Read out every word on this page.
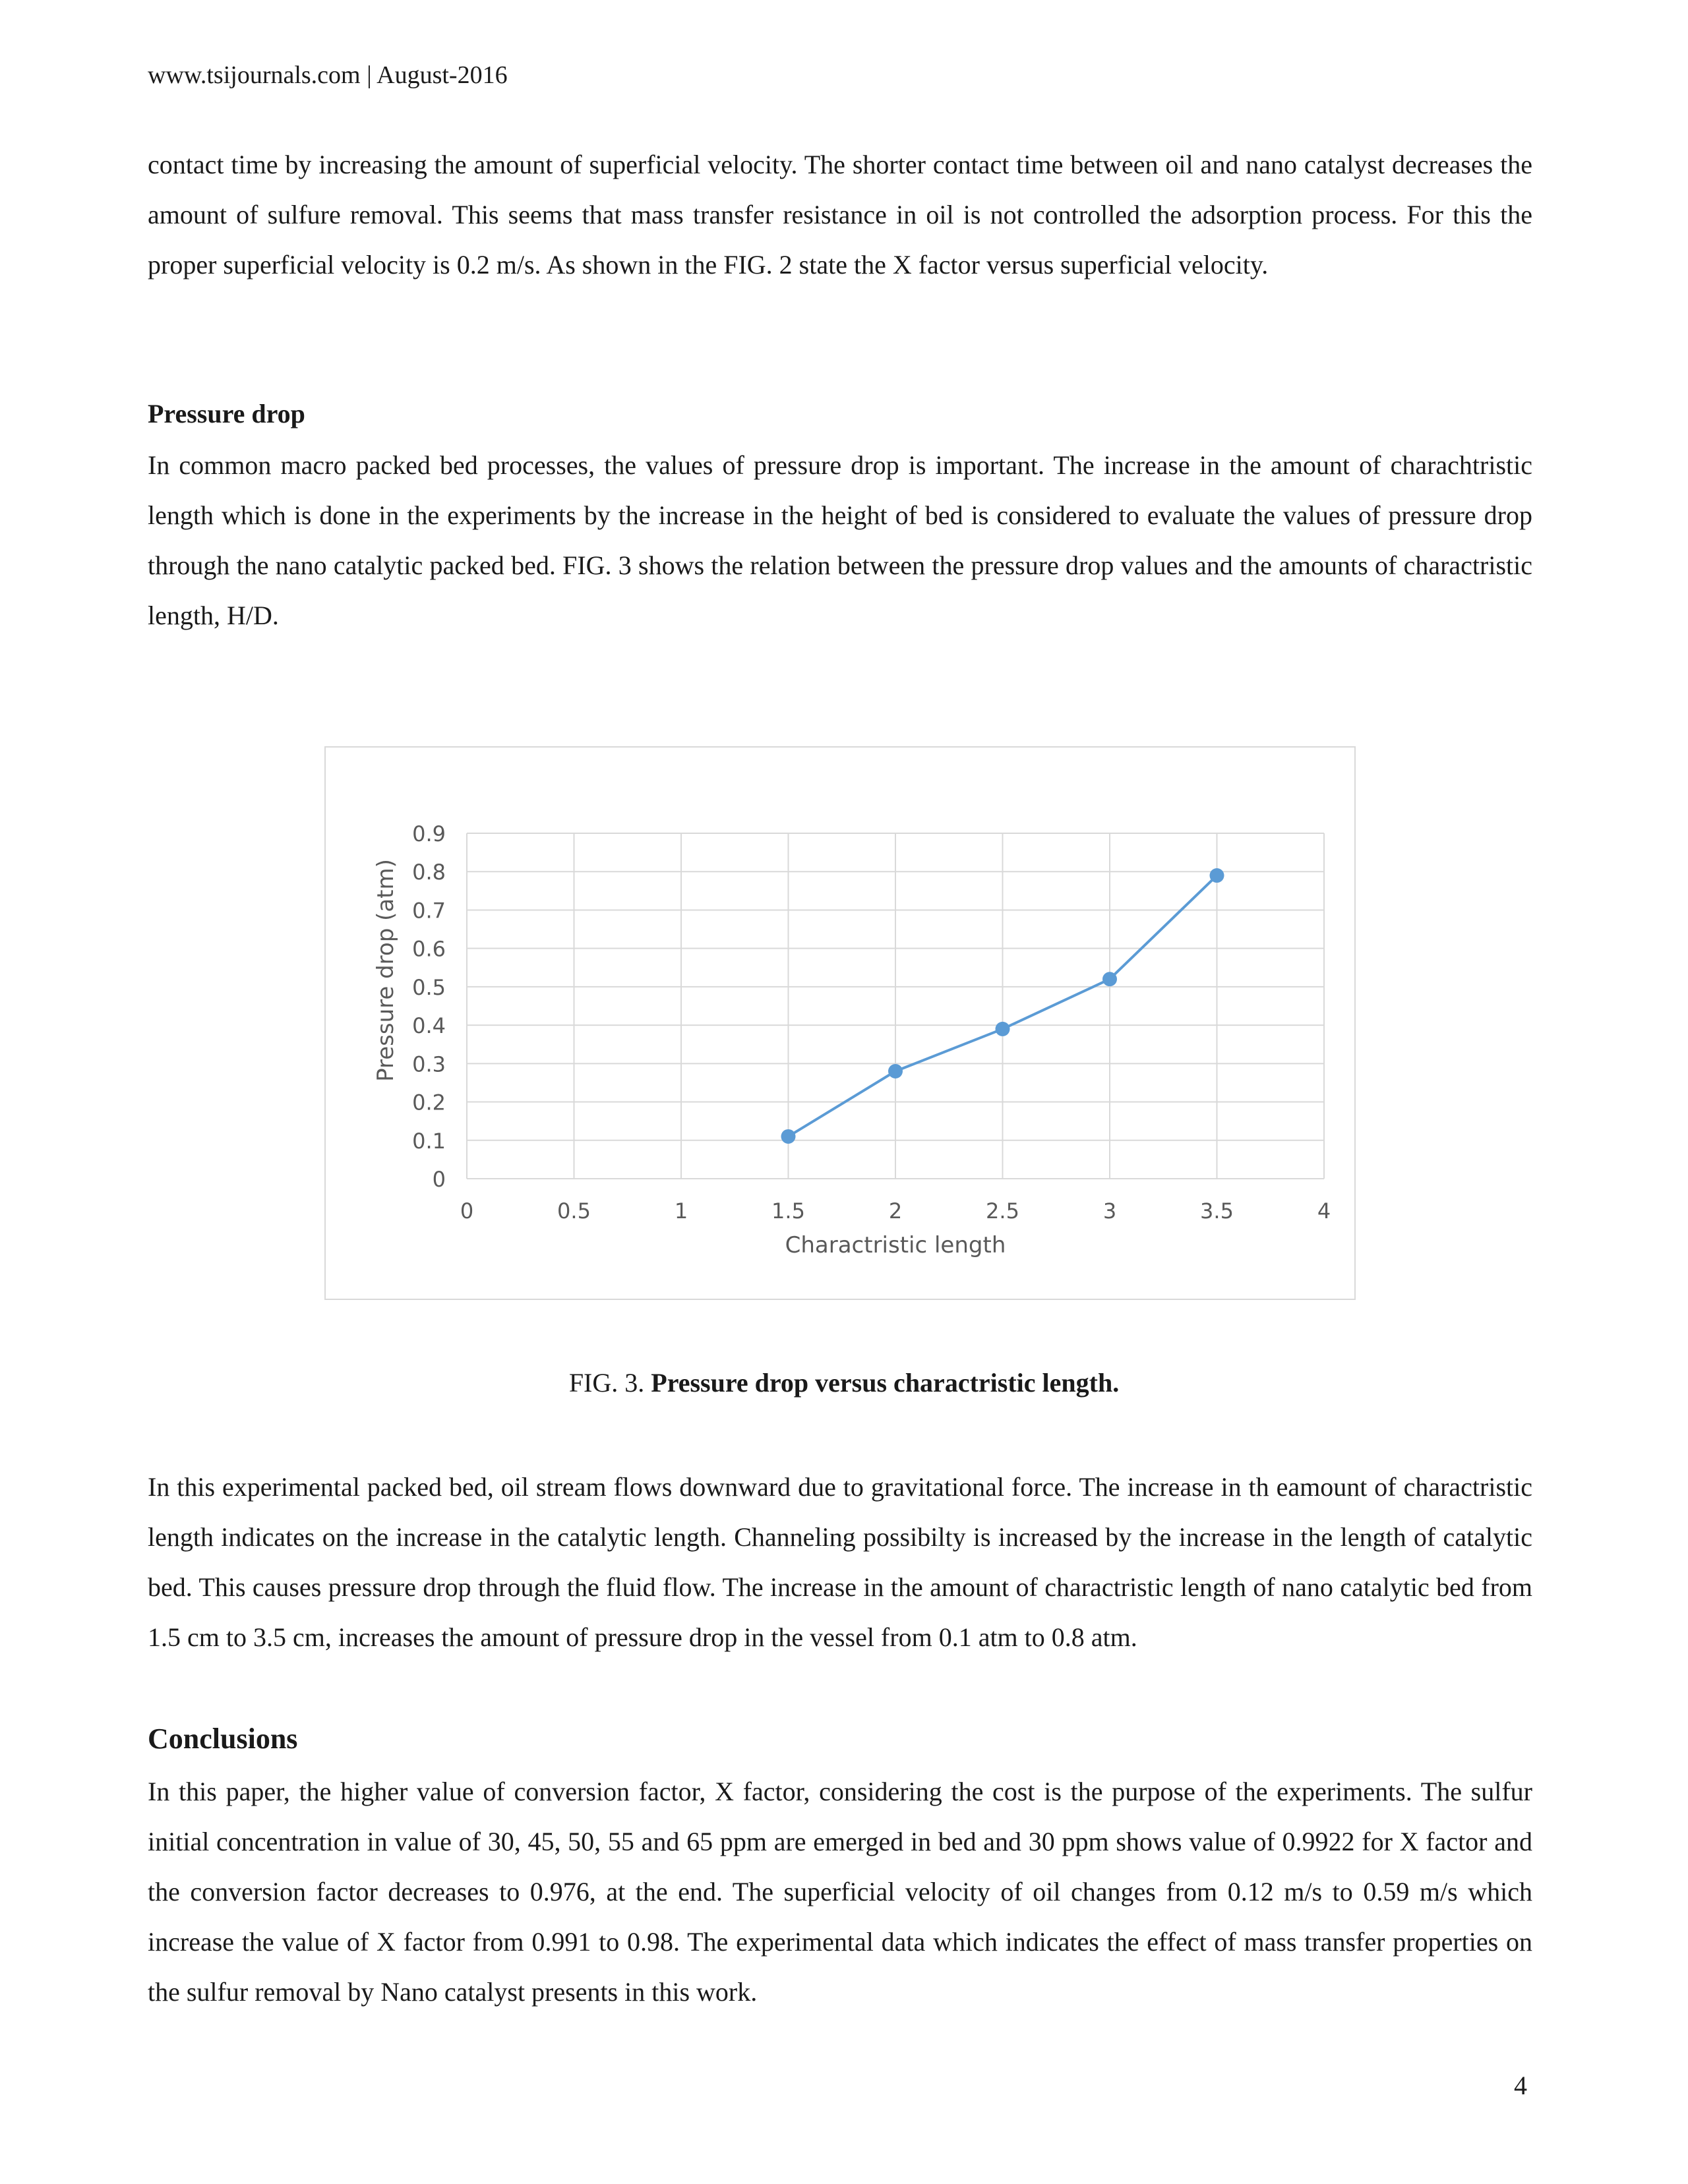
www.tsijournals.com | August-2016

contact time by increasing the amount of superficial velocity. The shorter contact time between oil and nano catalyst decreases the amount of sulfure removal. This seems that mass transfer resistance in oil is not controlled the adsorption process. For this the proper superficial velocity is 0.2 m/s. As shown in the FIG. 2 state the X factor versus superficial velocity.

Pressure drop

In common macro packed bed processes, the values of pressure drop is important. The increase in the amount of charachtristic length which is done in the experiments by the increase in the height of bed is considered to evaluate the values of pressure drop through the nano catalytic packed bed. FIG. 3 shows the relation between the pressure drop values and the amounts of charactristic length, H/D.

0
0.1
0.2
0.3
0.4
0.5
0.6
0.7
0.8
0.9
0	0.5	1	1.5	2	2.5	3	3.5	4
Charactristic length
Pressure drop (atm)
FIG. 3. Pressure drop versus charactristic length.

In this experimental packed bed, oil stream flows downward due to gravitational force. The increase in th eamount of charactristic length indicates on the increase in the catalytic length. Channeling possibilty is increased by the increase in the length of catalytic bed. This causes pressure drop through the fluid flow. The increase in the amount of charactristic length of nano catalytic bed from 1.5 cm to 3.5 cm, increases the amount of pressure drop in the vessel from 0.1 atm to 0.8 atm.

Conclusions

In this paper, the higher value of conversion factor, X factor, considering the cost is the purpose of the experiments. The sulfur initial concentration in value of 30, 45, 50, 55 and 65 ppm are emerged in bed and 30 ppm shows value of 0.9922 for X factor and the conversion factor decreases to 0.976, at the end. The superficial velocity of oil changes from 0.12 m/s to 0.59 m/s which increase the value of X factor from 0.991 to 0.98. The experimental data which indicates the effect of mass transfer properties on the sulfur removal by Nano catalyst presents in this work.

4
